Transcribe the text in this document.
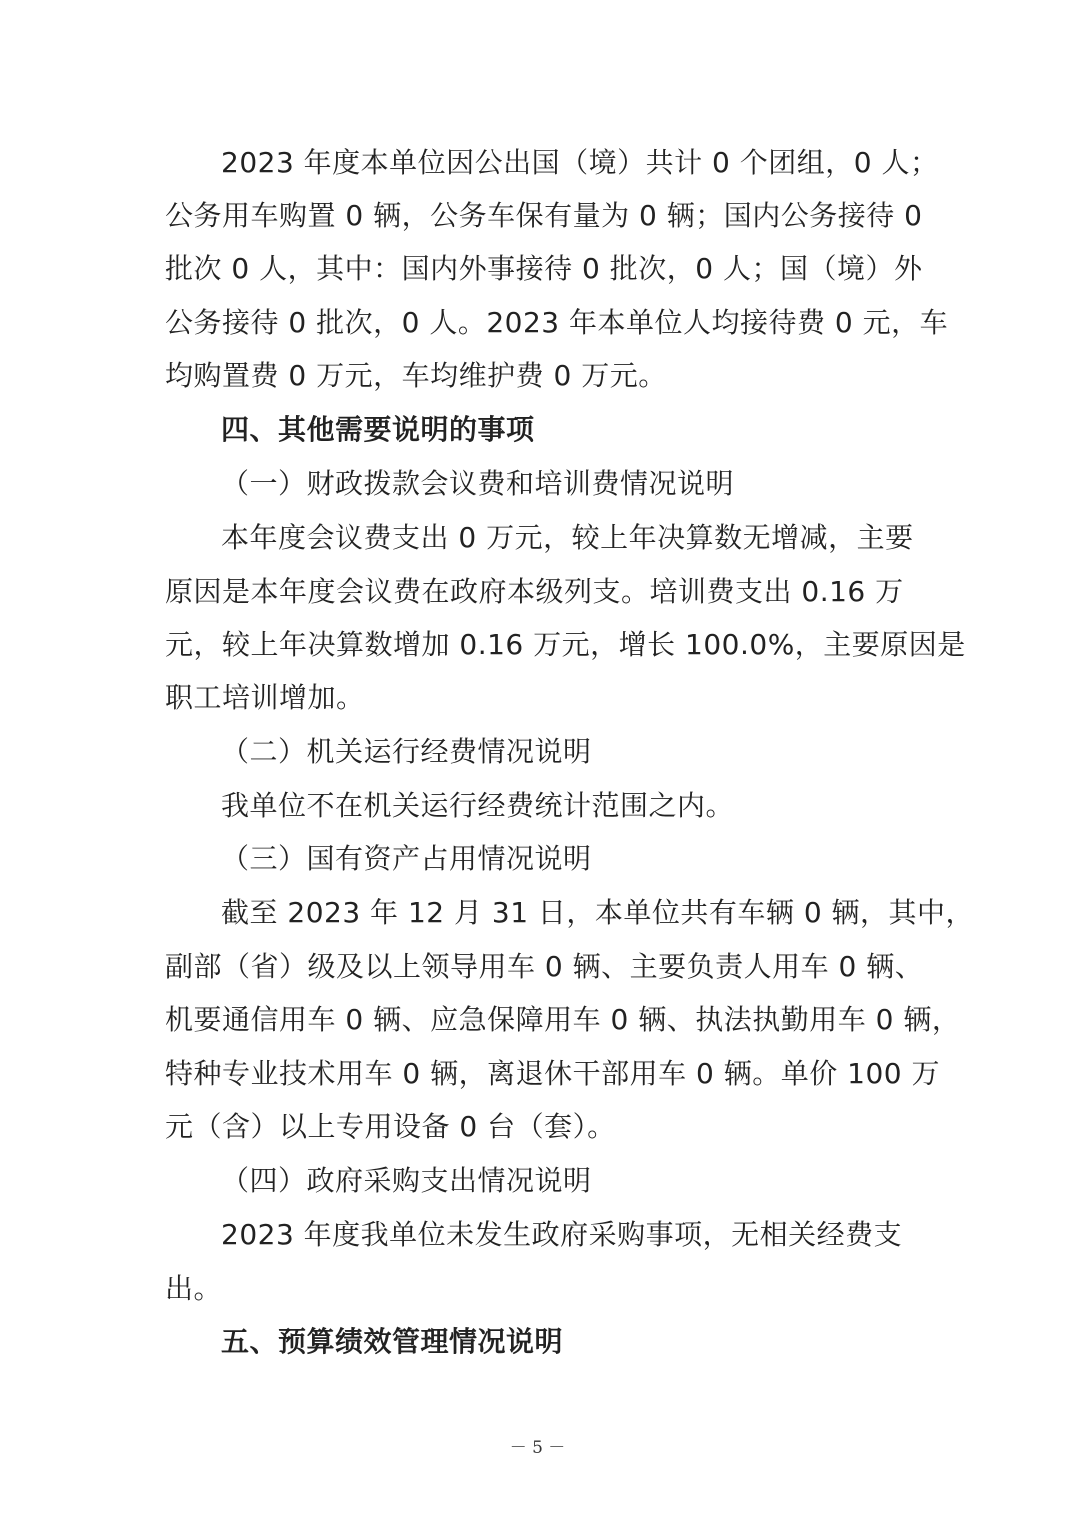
2023 年度本单位因公出国（境）共计 0 个团组，0 人；
公务用车购置 0 辆，公务车保有量为 0 辆；国内公务接待 0
批次 0 人，其中：国内外事接待 0 批次，0 人；国（境）外
公务接待 0 批次，0 人。2023 年本单位人均接待费 0 元，车
均购置费 0 万元，车均维护费 0 万元。
四、其他需要说明的事项
（一）财政拨款会议费和培训费情况说明
本年度会议费支出 0 万元，较上年决算数无增减，主要
原因是本年度会议费在政府本级列支。培训费支出 0.16 万
元，较上年决算数增加 0.16 万元，增长 100.0%，主要原因是
职工培训增加。
（二）机关运行经费情况说明
我单位不在机关运行经费统计范围之内。
（三）国有资产占用情况说明
截至 2023 年 12 月 31 日，本单位共有车辆 0 辆，其中，
副部（省）级及以上领导用车 0 辆、主要负责人用车 0 辆、
机要通信用车 0 辆、应急保障用车 0 辆、执法执勤用车 0 辆，
特种专业技术用车 0 辆，离退休干部用车 0 辆。单价 100 万
元（含）以上专用设备 0 台（套）。
（四）政府采购支出情况说明
2023 年度我单位未发生政府采购事项，无相关经费支
出。
五、预算绩效管理情况说明
－ 5 －
